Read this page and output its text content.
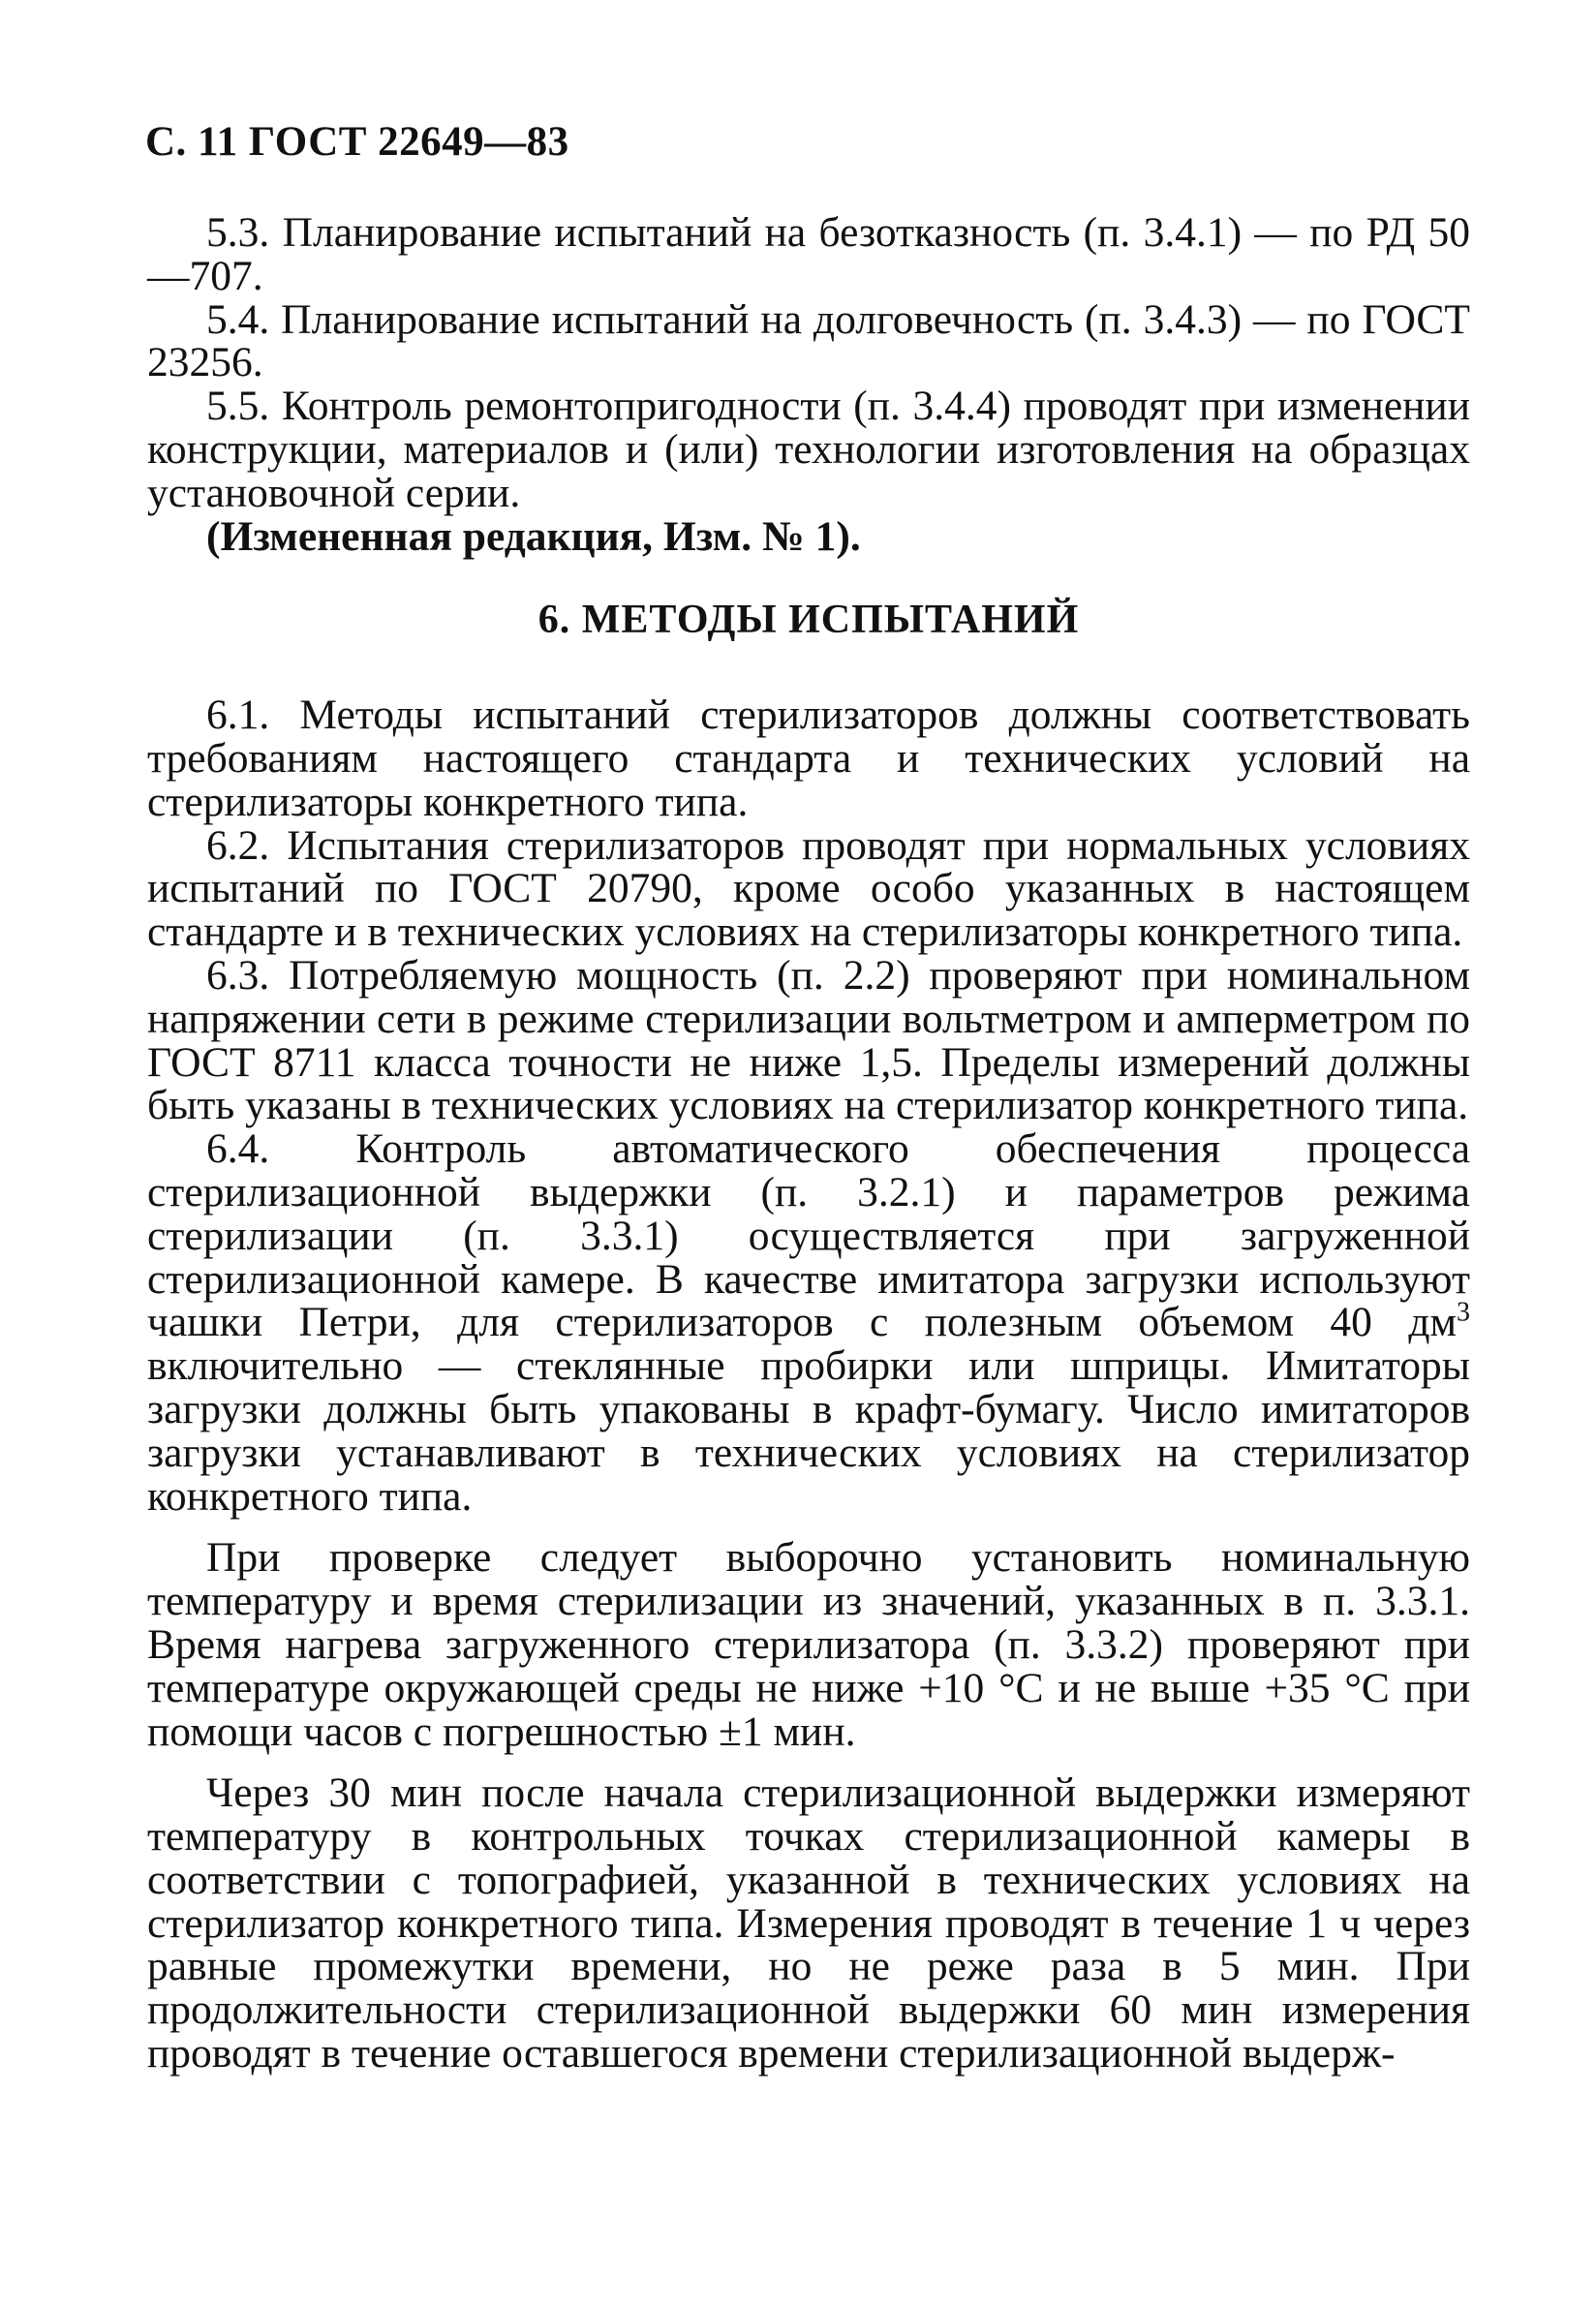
С. 11 ГОСТ 22649—83

5.3. Планирование испытаний на безотказность (п. 3.4.1) — по РД 50—707.

5.4. Планирование испытаний на долговечность (п. 3.4.3) — по ГОСТ 23256.

5.5. Контроль ремонтопригодности (п. 3.4.4) проводят при изменении конструкции, материалов и (или) технологии изготовления на образцах установочной серии.

(Измененная редакция, Изм. № 1).

6. МЕТОДЫ ИСПЫТАНИЙ

6.1. Методы испытаний стерилизаторов должны соответствовать требованиям настоящего стандарта и технических условий на стерилизаторы конкретного типа.

6.2. Испытания стерилизаторов проводят при нормальных условиях испытаний по ГОСТ 20790, кроме особо указанных в настоящем стандарте и в технических условиях на стерилизаторы конкретного типа.

6.3. Потребляемую мощность (п. 2.2) проверяют при номинальном напряжении сети в режиме стерилизации вольтметром и амперметром по ГОСТ 8711 класса точности не ниже 1,5. Пределы измерений должны быть указаны в технических условиях на стерилизатор конкретного типа.

6.4. Контроль автоматического обеспечения процесса стерилизационной выдержки (п. 3.2.1) и параметров режима стерилизации (п. 3.3.1) осуществляется при загруженной стерилизационной камере. В качестве имитатора загрузки используют чашки Петри, для стерилизаторов с полезным объемом 40 $дм^3$ включительно — стеклянные пробирки или шприцы. Имитаторы загрузки должны быть упакованы в крафт-бумагу. Число имитаторов загрузки устанавливают в технических условиях на стерилизатор конкретного типа.

При проверке следует выборочно установить номинальную температуру и время стерилизации из значений, указанных в п. 3.3.1. Время нагрева загруженного стерилизатора (п. 3.3.2) проверяют при температуре окружающей среды не ниже +10 °С и не выше +35 °С при помощи часов с погрешностью ±1 мин.

Через 30 мин после начала стерилизационной выдержки измеряют температуру в контрольных точках стерилизационной камеры в соответствии с топографией, указанной в технических условиях на стерилизатор конкретного типа. Измерения проводят в течение 1 ч через равные промежутки времени, но не реже раза в 5 мин. При продолжительности стерилизационной выдержки 60 мин измерения проводят в течение оставшегося времени стерилизационной выдерж-
